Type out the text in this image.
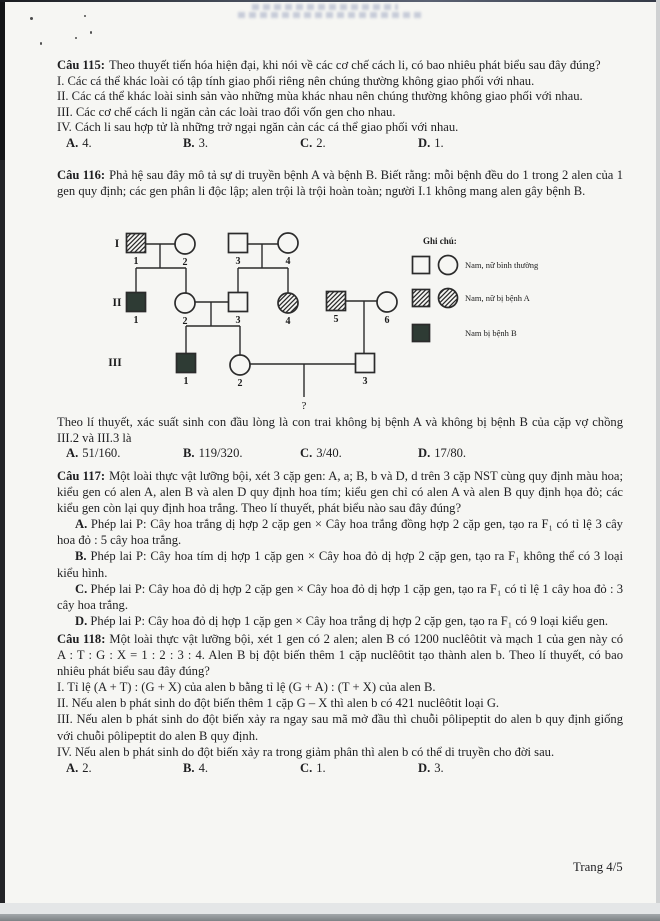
Câu 115: Theo thuyết tiến hóa hiện đại, khi nói về các cơ chế cách li, có bao nhiêu phát biểu sau đây đúng?

I. Các cá thể khác loài có tập tính giao phối riêng nên chúng thường không giao phối với nhau.

II. Các cá thể khác loài sinh sản vào những mùa khác nhau nên chúng thường không giao phối với nhau.

III. Các cơ chế cách li ngăn cản các loài trao đổi vốn gen cho nhau.

IV. Cách li sau hợp tử là những trở ngại ngăn cản các cá thể giao phối với nhau.

A. 4.	B. 3.	C. 2.	D. 1.

Câu 116: Phả hệ sau đây mô tả sự di truyền bệnh A và bệnh B. Biết rằng: mỗi bệnh đều do 1 trong 2 alen của 1 gen quy định; các gen phân li độc lập; alen trội là trội hoàn toàn; người I.1 không mang alen gây bệnh B.

1	2	3	4
1	2	3	4	5	6
1	2	3
I
II
III
?
Ghi chú:
Nam, nữ bình thường
Nam, nữ bị bệnh A
Nam bị bệnh B

Theo lí thuyết, xác suất sinh con đầu lòng là con trai không bị bệnh A và không bị bệnh B của cặp vợ chồng III.2 và III.3 là

A. 51/160.	B. 119/320.	C. 3/40.	D. 17/80.

Câu 117: Một loài thực vật lưỡng bội, xét 3 cặp gen: A, a; B, b và D, d trên 3 cặp NST cùng quy định màu hoa; kiểu gen có alen A, alen B và alen D quy định hoa tím; kiểu gen chỉ có alen A và alen B quy định họa đỏ; các kiểu gen còn lại quy định hoa trắng. Theo lí thuyết, phát biểu nào sau đây đúng?

A. Phép lai P: Cây hoa trắng dị hợp 2 cặp gen × Cây hoa trắng đồng hợp 2 cặp gen, tạo ra F₁ có tỉ lệ 3 cây hoa đỏ : 5 cây hoa trắng.

B. Phép lai P: Cây hoa tím dị hợp 1 cặp gen × Cây hoa đỏ dị hợp 2 cặp gen, tạo ra F₁ không thể có 3 loại kiểu hình.

C. Phép lai P: Cây hoa đỏ dị hợp 2 cặp gen × Cây hoa đỏ dị hợp 1 cặp gen, tạo ra F₁ có tỉ lệ 1 cây hoa đỏ : 3 cây hoa trắng.

D. Phép lai P: Cây hoa đỏ dị hợp 1 cặp gen × Cây hoa trắng dị hợp 2 cặp gen, tạo ra F₁ có 9 loại kiểu gen.

Câu 118: Một loài thực vật lưỡng bội, xét 1 gen có 2 alen; alen B có 1200 nuclêôtit và mạch 1 của gen này có A : T : G : X = 1 : 2 : 3 : 4. Alen B bị đột biến thêm 1 cặp nuclêôtit tạo thành alen b. Theo lí thuyết, có bao nhiêu phát biểu sau đây đúng?

I. Tỉ lệ (A + T) : (G + X) của alen b bằng tỉ lệ (G + A) : (T + X) của alen B.

II. Nếu alen b phát sinh do đột biến thêm 1 cặp G – X thì alen b có 421 nuclêôtit loại G.

III. Nếu alen b phát sinh do đột biến xảy ra ngay sau mã mở đầu thì chuỗi pôlipeptit do alen b quy định giống với chuỗi pôlipeptit do alen B quy định.

IV. Nếu alen b phát sinh do đột biến xảy ra trong giảm phân thì alen b có thể di truyền cho đời sau.

A. 2.	B. 4.	C. 1.	D. 3.
Trang 4/5
